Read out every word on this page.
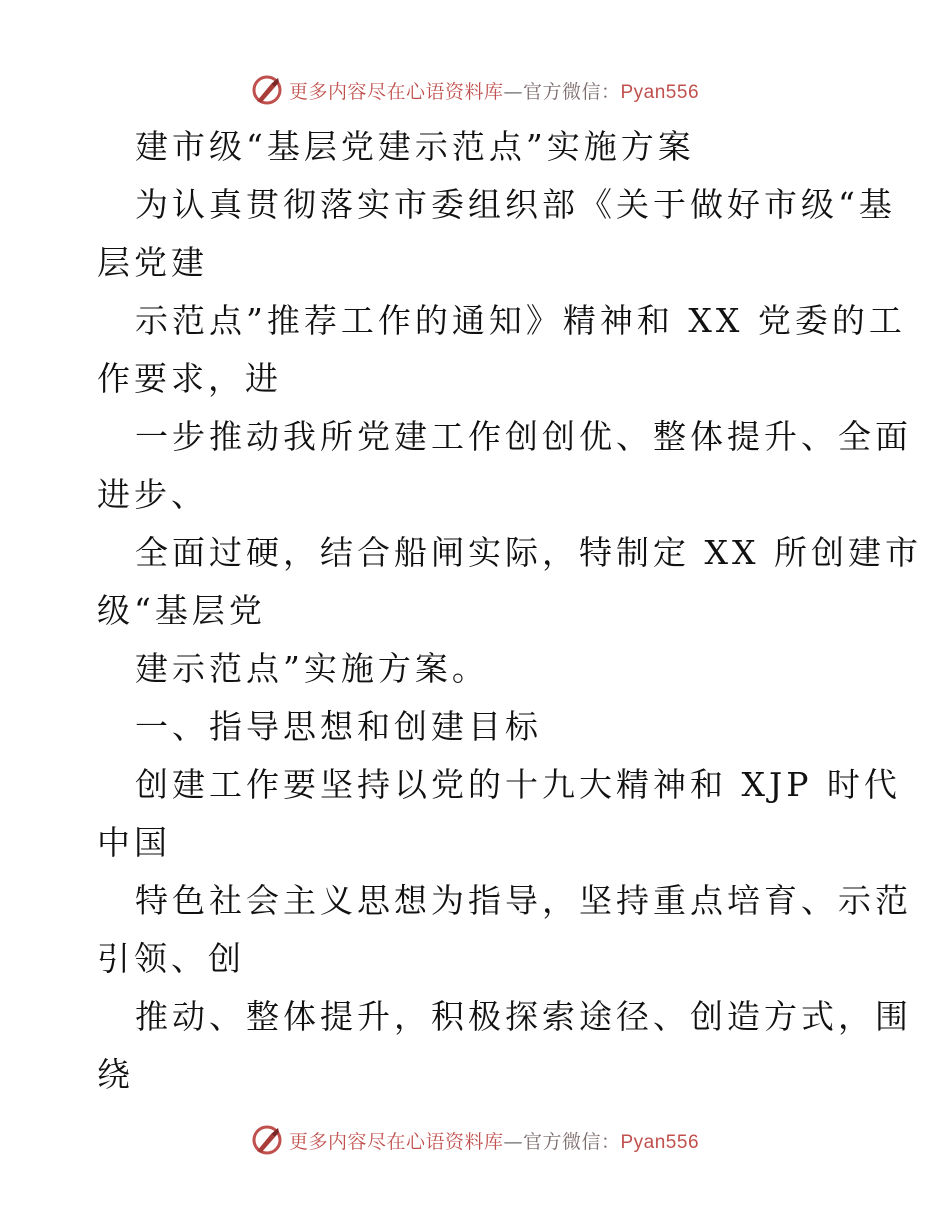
更多内容尽在心语资料库—官方微信：Pyan556
建市级“基层党建示范点”实施方案
为认真贯彻落实市委组织部《关于做好市级“基
层党建
示范点”推荐工作的通知》精神和 XX 党委的工
作要求，进
一步推动我所党建工作创创优、整体提升、全面
进步、
全面过硬，结合船闸实际，特制定 XX 所创建市
级“基层党
建示范点”实施方案。
一、指导思想和创建目标
创建工作要坚持以党的十九大精神和 XJP 时代
中国
特色社会主义思想为指导，坚持重点培育、示范
引领、创
推动、整体提升，积极探索途径、创造方式，围
绕
更多内容尽在心语资料库—官方微信：Pyan556
